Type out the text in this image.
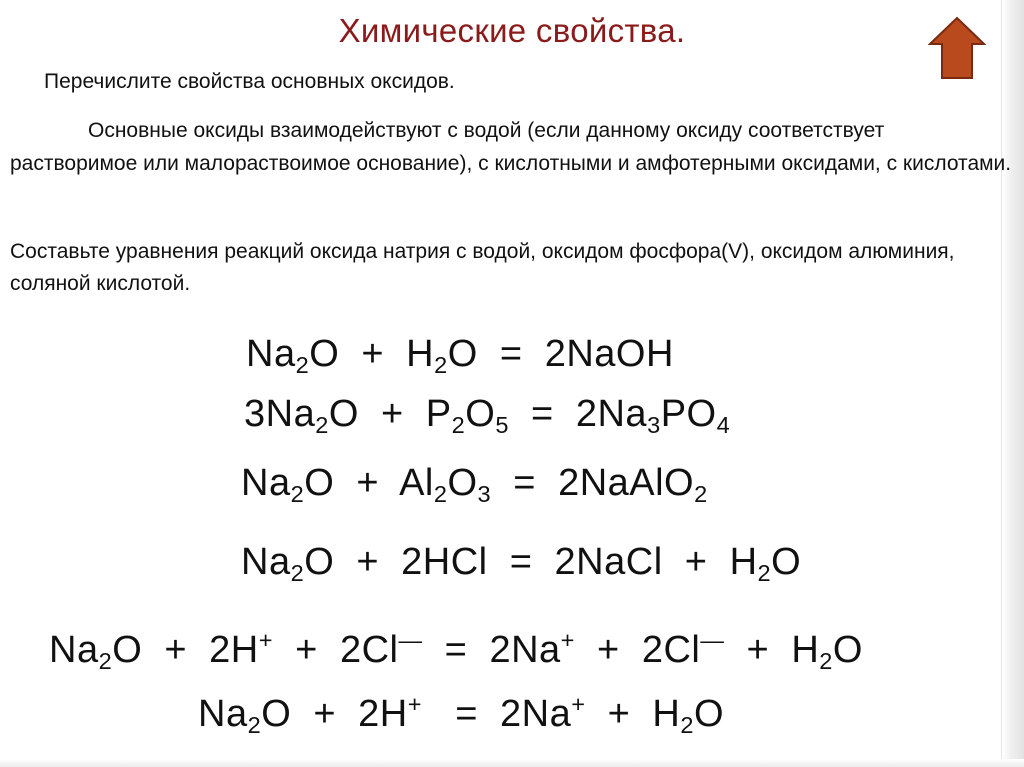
Химические свойства.

Перечислите свойства основных оксидов.

Основные оксиды взаимодействуют с водой (если данному оксиду соответствует растворимое или малораствоимое основание), с кислотными и амфотерными оксидами, с кислотами.

Составьте уравнения реакций оксида натрия с водой, оксидом фосфора(V), оксидом алюминия, соляной кислотой.

Na2O  +  H2O  =  2NaOH
3Na2O  +  P2O5  =  2Na3PO4
Na2O  +  Al2O3  =  2NaAlO2
Na2O  +  2HCl  =  2NaCl  +  H2O
Na2O  +  2H+  +  2Cl—  =  2Na+  +  2Cl—  +  H2O
Na2O  +  2H+   =  2Na+  +  H2O
